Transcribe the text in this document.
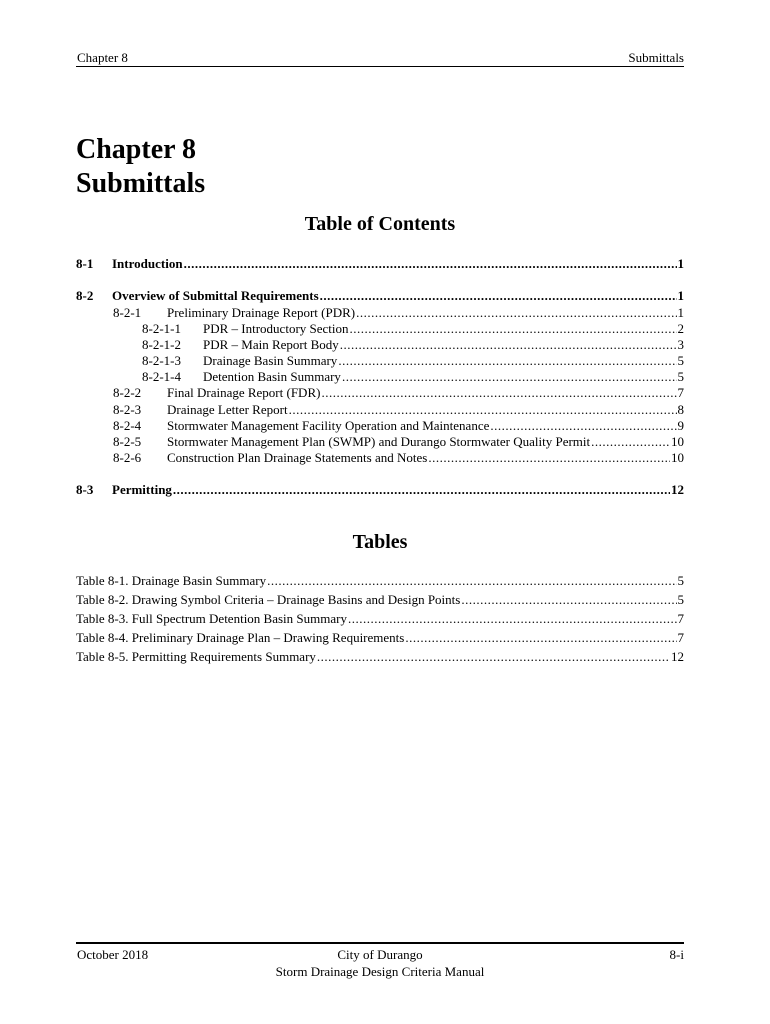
Chapter 8	Submittals
Chapter 8
Submittals
Table of Contents
8-1	Introduction .....	1
8-2	Overview of Submittal Requirements .....	1
8-2-1	Preliminary Drainage Report (PDR) .....	1
8-2-1-1	PDR – Introductory Section .....	2
8-2-1-2	PDR – Main Report Body .....	3
8-2-1-3	Drainage Basin Summary .....	5
8-2-1-4	Detention Basin Summary .....	5
8-2-2	Final Drainage Report (FDR) .....	7
8-2-3	Drainage Letter Report .....	8
8-2-4	Stormwater Management Facility Operation and Maintenance .....	9
8-2-5	Stormwater Management Plan (SWMP) and Durango Stormwater Quality Permit .....	10
8-2-6	Construction Plan Drainage Statements and Notes .....	10
8-3	Permitting .....	12
Tables
Table 8-1. Drainage Basin Summary .....	5
Table 8-2. Drawing Symbol Criteria – Drainage Basins and Design Points .....	5
Table 8-3. Full Spectrum Detention Basin Summary .....	7
Table 8-4. Preliminary Drainage Plan – Drawing Requirements .....	7
Table 8-5. Permitting Requirements Summary .....	12
October 2018	City of Durango
Storm Drainage Design Criteria Manual
8-i
